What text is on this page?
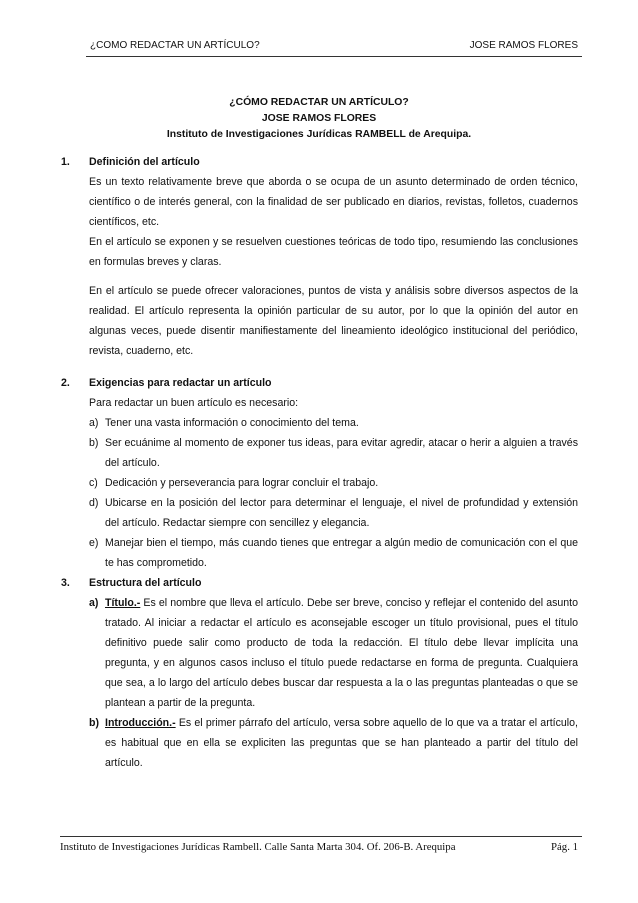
¿COMO REDACTAR UN ARTÍCULO?	JOSE RAMOS FLORES
¿CÓMO REDACTAR UN ARTÍCULO?
JOSE RAMOS FLORES
Instituto de Investigaciones Jurídicas RAMBELL de Arequipa.
1.	Definición del artículo

Es un texto relativamente breve que aborda o se ocupa de un asunto determinado de orden técnico, científico o de interés general, con la finalidad de ser publicado en diarios, revistas, folletos, cuadernos científicos, etc.

En el artículo se exponen y se resuelven cuestiones teóricas de todo tipo, resumiendo las conclusiones en formulas breves y claras.

En el artículo se puede ofrecer valoraciones, puntos de vista y análisis sobre diversos aspectos de la realidad. El artículo representa la opinión particular de su autor, por lo que la opinión del autor en algunas veces, puede disentir manifiestamente del lineamiento ideológico institucional del periódico, revista, cuaderno, etc.

2.	Exigencias para redactar un artículo

Para redactar un buen artículo es necesario:

a) Tener una vasta información o conocimiento del tema.

b) Ser ecuánime al momento de exponer tus ideas, para evitar agredir, atacar o herir a alguien a través del artículo.

c) Dedicación y perseverancia para lograr concluir el trabajo.

d) Ubicarse en la posición del lector para determinar el lenguaje, el nivel de profundidad y extensión del artículo. Redactar siempre con sencillez y elegancia.

e) Manejar bien el tiempo, más cuando tienes que entregar a algún medio de comunicación con el que te has comprometido.

3.	Estructura del artículo
a) Título.- Es el nombre que lleva el artículo. Debe ser breve, conciso y reflejar el contenido del asunto tratado. Al iniciar a redactar el artículo es aconsejable escoger un título provisional, pues el título definitivo puede salir como producto de toda la redacción. El título debe llevar implícita una pregunta, y en algunos casos incluso el título puede redactarse en forma de pregunta. Cualquiera que sea, a lo largo del artículo debes buscar dar respuesta a la o las preguntas planteadas o que se plantean a partir de la pregunta.

b) Introducción.- Es el primer párrafo del artículo, versa sobre aquello de lo que va a tratar el artículo, es habitual que en ella se expliciten las preguntas que se han planteado a partir del título del artículo.

Instituto de Investigaciones Jurídicas Rambell. Calle Santa Marta 304. Of. 206-B. Arequipa	Pág. 1
